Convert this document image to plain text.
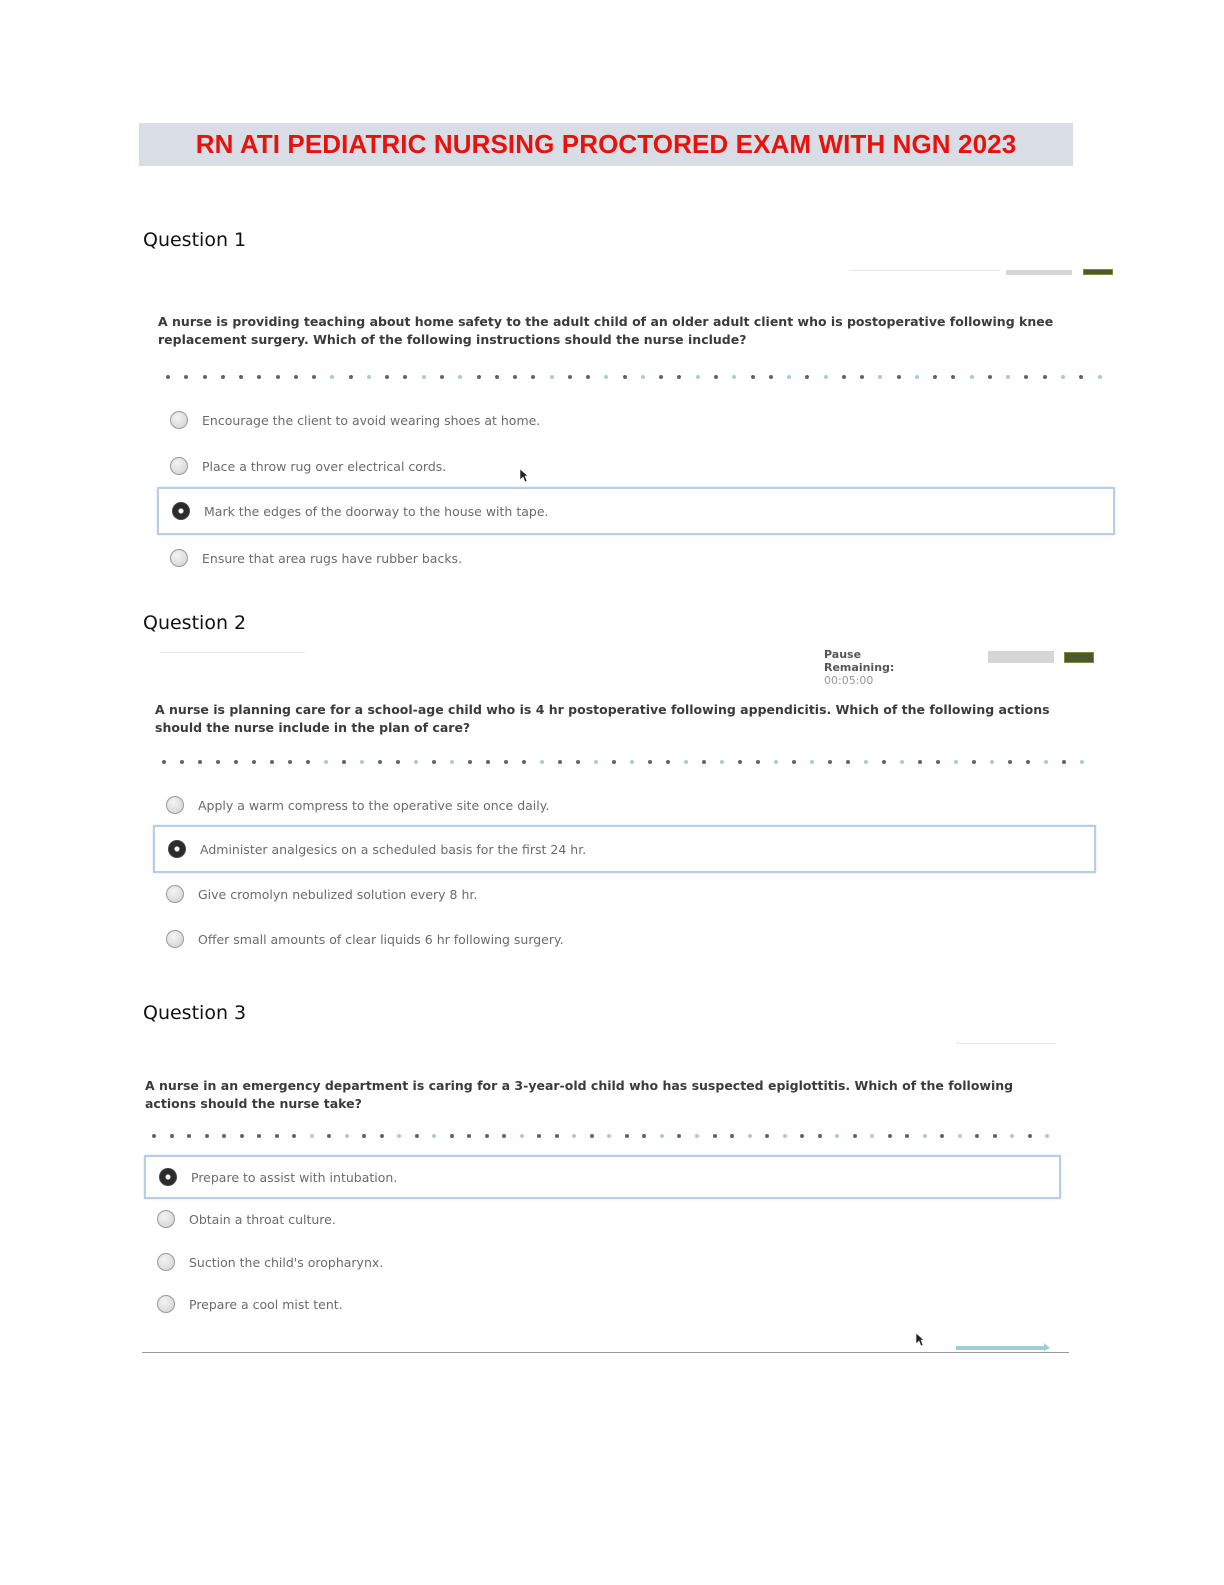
RN ATI PEDIATRIC NURSING PROCTORED EXAM WITH NGN 2023
Question 1
A nurse is providing teaching about home safety to the adult child of an older adult client who is postoperative following knee replacement surgery. Which of the following instructions should the nurse include?
Encourage the client to avoid wearing shoes at home.
Place a throw rug over electrical cords.
Mark the edges of the doorway to the house with tape.
Ensure that area rugs have rubber backs.
Question 2
Pause Remaining: 00:05:00
A nurse is planning care for a school-age child who is 4 hr postoperative following appendicitis. Which of the following actions should the nurse include in the plan of care?
Apply a warm compress to the operative site once daily.
Administer analgesics on a scheduled basis for the first 24 hr.
Give cromolyn nebulized solution every 8 hr.
Offer small amounts of clear liquids 6 hr following surgery.
Question 3
A nurse in an emergency department is caring for a 3-year-old child who has suspected epiglottitis. Which of the following actions should the nurse take?
Prepare to assist with intubation.
Obtain a throat culture.
Suction the child's oropharynx.
Prepare a cool mist tent.
